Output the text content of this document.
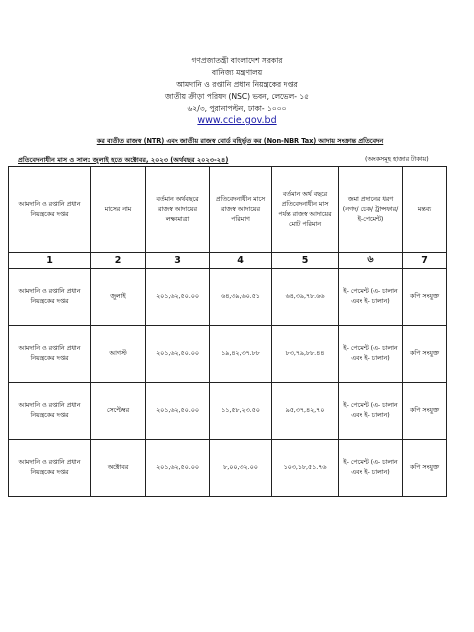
গণপ্রজাতন্ত্রী বাংলাদেশ সরকার
বানিজ্য মন্ত্রণালয়
আমদানি ও রপ্তানি প্রধান নিয়ন্ত্রকের দপ্তর
জাতীয় ক্রীড়া পরিষদ (NSC) ভবন, লেভেল- ১৫
৬২/৩, পুরানাপল্টন, ঢাকা- ১০০০
www.ccie.gov.bd
কর ব্যতীত রাজস্ব (NTR) এবং জাতীয় রাজস্ব বোর্ড বহির্ভূত কর (Non-NBR Tax) আদায় সংক্রান্ত প্রতিবেদন
প্রতিবেদনাধীন মাস ও সাল: জুলাই হতে অক্টোবর, ২০২৩ (অর্থবছর ২০২৩-২৪)	(অংকসমূহ হাজার টাকায়)
আমদানি ও রপ্তানি প্রধান নিয়ন্ত্রকের দপ্তর	মাসের নাম	বর্তমান অর্থবছরে রাজস্ব আদায়ের লক্ষ্যমাত্রা	প্রতিবেদনাধীন মাসে রাজস্ব আদায়ের পরিমাণ	বর্তমান অর্থ বছরে প্রতিবেদনাধীন মাস পর্যন্ত রাজস্ব আদায়ের মোট পরিমান	জমা প্রদানের ধরণ (নগদ/ চেক/ ট্রান্সফার/ ই-পেমেন্ট)	মন্তব্য
1	2	3	4	5	৬	7
আমদানি ও রপ্তানি প্রধান নিয়ন্ত্রকের দপ্তর	জুলাই	২০১,৬২,৫০.০০	৬৪,৩৯,৬০.৫১	৬৪,৩৯,৭৮.৬৬	ই- পেমেন্ট (এ- চালান এবং ই- চালান)	কপি সংযুক্ত
আমদানি ও রপ্তানি প্রধান নিয়ন্ত্রকের দপ্তর	আগস্ট	২০১,৬২,৫০.০০	১৯,৪২,৩৭.৮৮	৮৩,৭৯,৮৮.৪৪	ই- পেমেন্ট (এ- চালান এবং ই- চালান)	কপি সংযুক্ত
আমদানি ও রপ্তানি প্রধান নিয়ন্ত্রকের দপ্তর	সেপ্টেম্বর	২০১,৬২,৫০.০০	১১,৫৮,২৩.৫০	৯৫,৩৭,৪২,৭০	ই- পেমেন্ট (এ- চালান এবং ই- চালান)	কপি সংযুক্ত
আমদানি ও রপ্তানি প্রধান নিয়ন্ত্রকের দপ্তর	অক্টোবর	২০১,৬২,৫০.০০	৮,০০,৩২.০০	১০৩,১৮,৫১.৭৬	ই- পেমেন্ট (এ- চালান এবং ই- চালান)	কপি সংযুক্ত
